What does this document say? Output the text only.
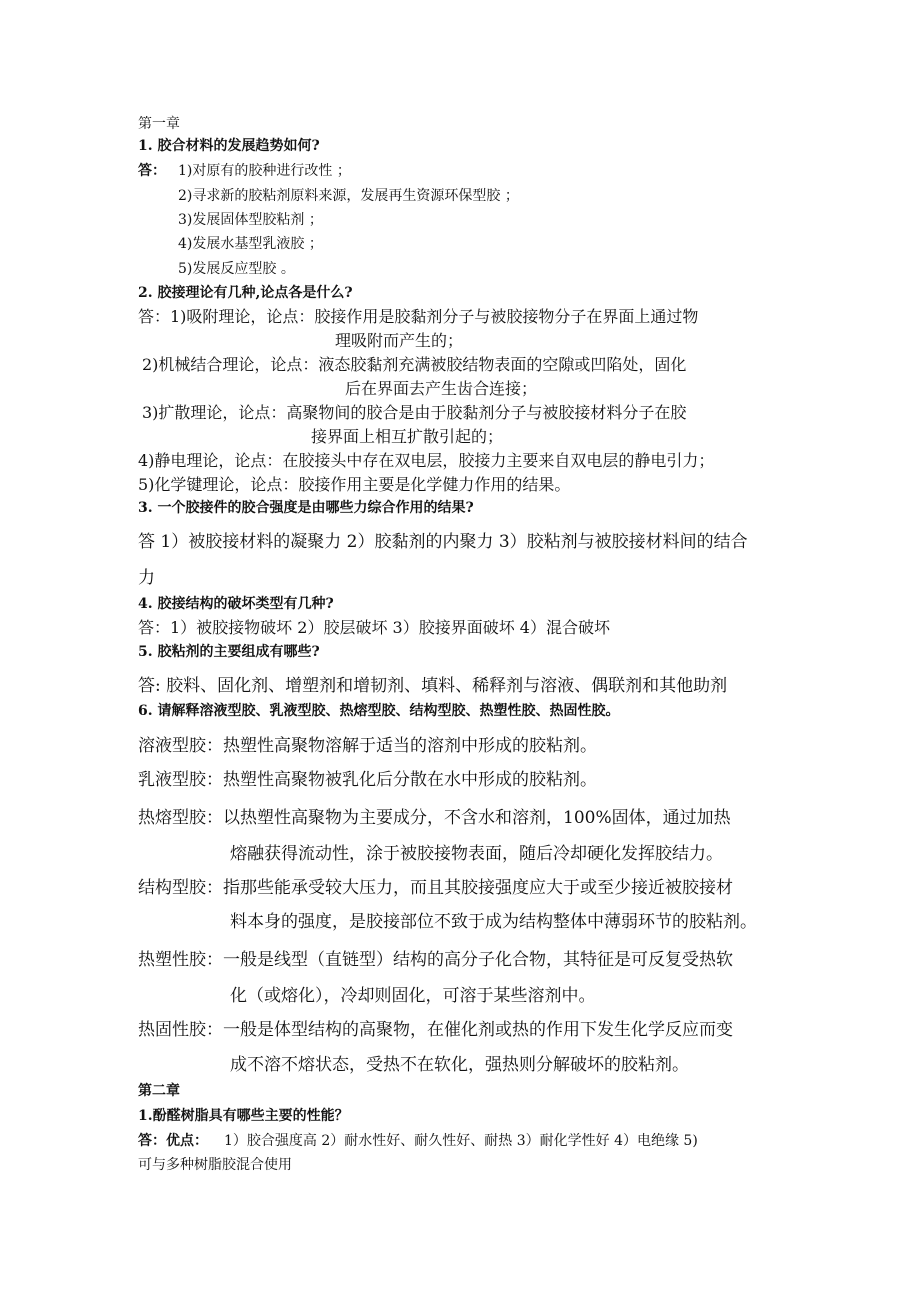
第一章
1. 胶合材料的发展趋势如何?
答： 1)对原有的胶种进行改性 ；
2)寻求新的胶粘剂原料来源，发展再生资源环保型胶 ；
3)发展固体型胶粘剂 ；
4)发展水基型乳液胶 ；
5)发展反应型胶 。
2. 胶接理论有几种,论点各是什么?
答：1)吸附理论，论点：胶接作用是胶黏剂分子与被胶接物分子在界面上通过物
理吸附而产生的；
2)机械结合理论，论点：液态胶黏剂充满被胶结物表面的空隙或凹陷处，固化
后在界面去产生齿合连接；
3)扩散理论，论点：高聚物间的胶合是由于胶黏剂分子与被胶接材料分子在胶
接界面上相互扩散引起的；
4)静电理论，论点：在胶接头中存在双电层，胶接力主要来自双电层的静电引力；
5)化学键理论，论点：胶接作用主要是化学健力作用的结果。
3. 一个胶接件的胶合强度是由哪些力综合作用的结果?
答 1）被胶接材料的凝聚力 2）胶黏剂的内聚力 3）胶粘剂与被胶接材料间的结合
力
4. 胶接结构的破坏类型有几种?
答：1）被胶接物破坏 2）胶层破坏 3）胶接界面破坏 4）混合破坏
5. 胶粘剂的主要组成有哪些?
答: 胶料、固化剂、增塑剂和增韧剂、填料、稀释剂与溶液、偶联剂和其他助剂
6. 请解释溶液型胶、乳液型胶、热熔型胶、结构型胶、热塑性胶、热固性胶。
溶液型胶：热塑性高聚物溶解于适当的溶剂中形成的胶粘剂。
乳液型胶：热塑性高聚物被乳化后分散在水中形成的胶粘剂。
热熔型胶：以热塑性高聚物为主要成分，不含水和溶剂，100%固体，通过加热
熔融获得流动性，涂于被胶接物表面，随后冷却硬化发挥胶结力。
结构型胶：指那些能承受较大压力，而且其胶接强度应大于或至少接近被胶接材
料本身的强度，是胶接部位不致于成为结构整体中薄弱环节的胶粘剂。
热塑性胶：一般是线型（直链型）结构的高分子化合物，其特征是可反复受热软
化（或熔化），冷却则固化，可溶于某些溶剂中。
热固性胶：一般是体型结构的高聚物，在催化剂或热的作用下发生化学反应而变
成不溶不熔状态，受热不在软化，强热则分解破坏的胶粘剂。
第二章
1.酚醛树脂具有哪些主要的性能？
答：优点： 1）胶合强度高 2）耐水性好、耐久性好、耐热 3）耐化学性好 4）电绝缘 5)
可与多种树脂胶混合使用
